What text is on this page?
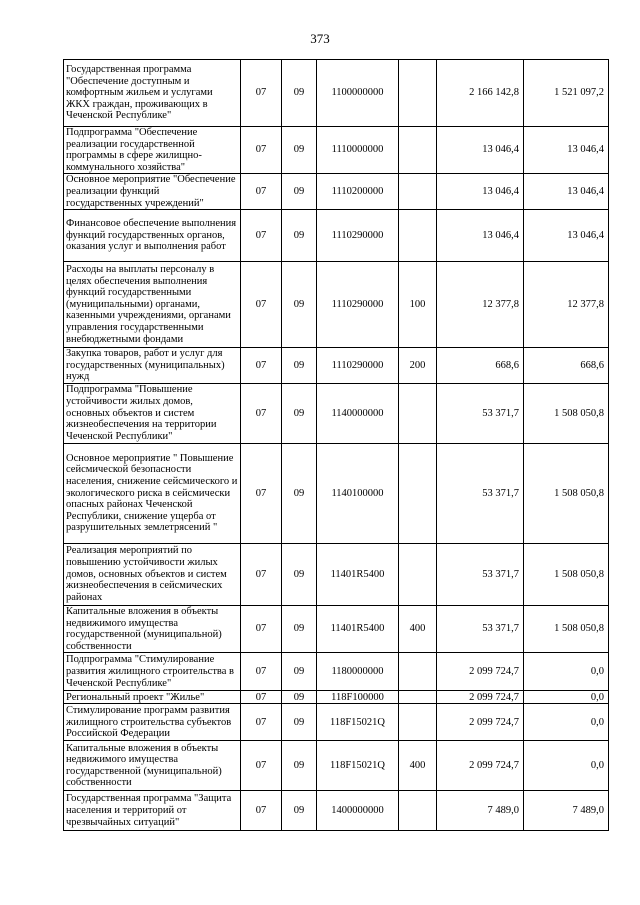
373
Государственная программа "Обеспечение доступным и комфортным жильем и услугами ЖКХ граждан, проживающих в Чеченской Республике"	07	09	1100000000		2 166 142,8	1 521 097,2
Подпрограмма "Обеспечение реализации государственной программы в сфере жилищно-коммунального хозяйства"	07	09	1110000000		13 046,4	13 046,4
Основное мероприятие "Обеспечение реализации функций государственных учреждений"	07	09	1110200000		13 046,4	13 046,4
Финансовое обеспечение выполнения функций государственных органов, оказания услуг и выполнения работ	07	09	1110290000		13 046,4	13 046,4
Расходы на выплаты персоналу в целях обеспечения выполнения функций государственными (муниципальными) органами, казенными учреждениями, органами управления государственными внебюджетными фондами	07	09	1110290000	100	12 377,8	12 377,8
Закупка товаров, работ и услуг для государственных (муниципальных) нужд	07	09	1110290000	200	668,6	668,6
Подпрограмма "Повышение устойчивости жилых домов, основных объектов и систем жизнеобеспечения на территории Чеченской Республики"	07	09	1140000000		53 371,7	1 508 050,8
Основное мероприятие " Повышение сейсмической безопасности населения, снижение сейсмического и экологического риска в сейсмически опасных районах Чеченской Республики, снижение ущерба от разрушительных землетрясений "	07	09	1140100000		53 371,7	1 508 050,8
Реализация мероприятий по повышению устойчивости жилых домов, основных объектов и систем жизнеобеспечения в сейсмических районах	07	09	11401R5400		53 371,7	1 508 050,8
Капитальные вложения в объекты недвижимого имущества государственной (муниципальной) собственности	07	09	11401R5400	400	53 371,7	1 508 050,8
Подпрограмма "Стимулирование развития жилищного строительства в Чеченской Республике"	07	09	1180000000		2 099 724,7	0,0
Региональный проект "Жилье"	07	09	118F100000		2 099 724,7	0,0
Стимулирование программ развития жилищного строительства субъектов Российской Федерации	07	09	118F15021Q		2 099 724,7	0,0
Капитальные вложения в объекты недвижимого имущества государственной (муниципальной) собственности	07	09	118F15021Q	400	2 099 724,7	0,0
Государственная программа "Защита населения и территорий от чрезвычайных ситуаций"	07	09	1400000000		7 489,0	7 489,0
